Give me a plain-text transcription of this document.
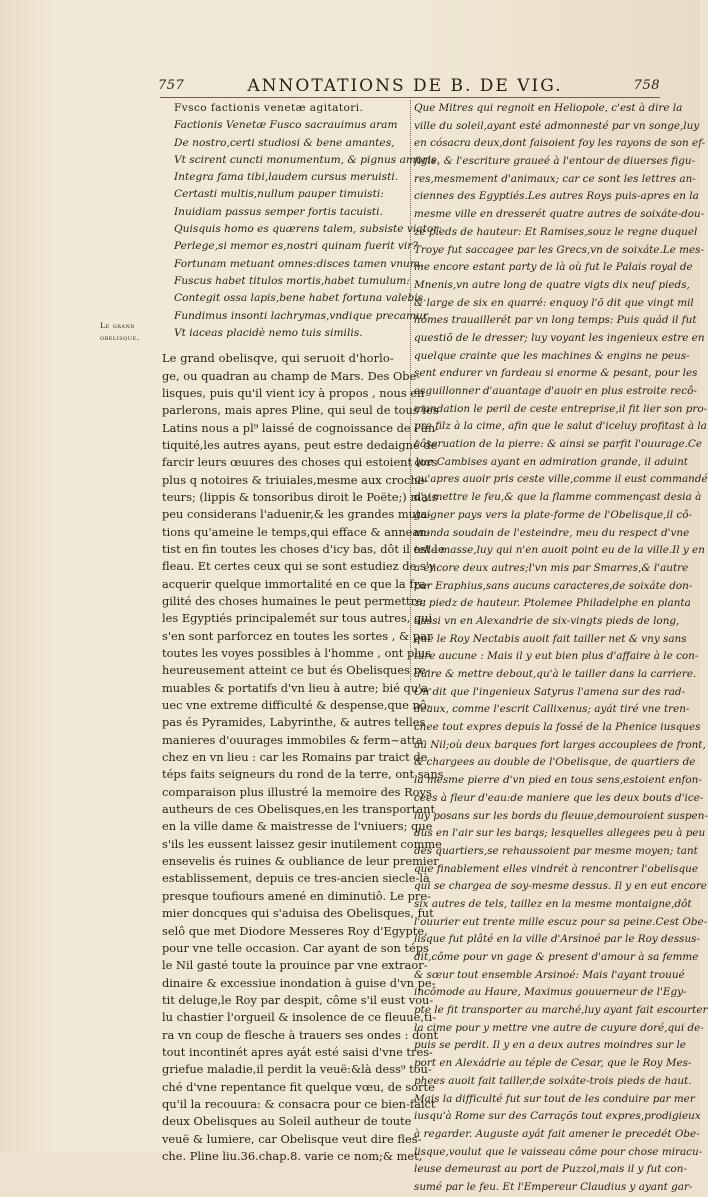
757	ANNOTATIONS DE B. DE VIG.	758
Le grand
obelisque.
Fvsco factionis venetæ agitatori.
Factionis Venetæ Fusco sacrauimus aram
De nostro,certi studiosi & bene amantes,
Vt scirent cuncti monumentum, & pignus amoris.
Integra fama tibi,laudem cursus meruisti.
Certasti multis,nullum pauper timuisti:
Inuidiam passus semper fortis tacuisti.
Quisquis homo es quærens talem, subsiste viator:
Perlege,si memor es,nostri quinam fuerit vir?
Fortunam metuant omnes:disces tamen vnum.
Fuscus habet titulos mortis,habet tumulum:
Contegit ossa lapis,bene habet fortuna valebis.
Fundimus insonti lachrymas,vndique precamur
Vt iaceas placidè nemo tuis similis.
Le grand obelisqve, qui seruoit d'horlo-
ge, ou quadran au champ de Mars. Des Obe-
lisques, puis qu'il vient icy à propos , nous en
parlerons, mais apres Pline, qui seul de tous les
Latins nous a pl⁹ laissé de cognoissance de l'an-
tiquité,les autres ayans, peut estre dedaigné de
farcir leurs œuures des choses qui estoient lors
plus q notoires & triuiales,mesme aux croche-
teurs; (lippis & tonsoribus diroit le Poëte;) mais
peu considerans l'aduenir,& les grandes muta-
tions qu'ameine le temps,qui efface & annean-
tist en fin toutes les choses d'icy bas, dôt il est le
fleau. Et certes ceux qui se sont estudiez de s'y
acquerir quelque immortalité en ce que la fra-
gilité des choses humaines le peut permettre;
les Egyptiés principalemét sur tous autres, qui
s'en sont parforcez en toutes les sortes , & par
toutes les voyes possibles à l'homme , ont plus
heureusement atteint ce but és Obelisques re-
muables & portatifs d'vn lieu à autre; bié qu'a-
uec vne extreme difficulté & despense,que nô-
pas és Pyramides, Labyrinthe, & autres telles
manieres d'ouurages immobiles & ferm~atta-
chez en vn lieu : car les Romains par traict de
téps faits seigneurs du rond de la terre, ont sans
comparaison plus illustré la memoire des Roys
autheurs de ces Obelisques,en les transportant
en la ville dame & maistresse de l'vniuers; que
s'ils les eussent laissez gesir inutilement comme
ensevelis és ruines & oubliance de leur premier
establissement, depuis ce tres-ancien siecle-là
presque toufiours amené en diminutiô. Le pre-
mier doncques qui s'aduisa des Obelisques, fut
selô que met Diodore Messeres Roy d'Egypte,
pour vne telle occasion. Car ayant de son téps
le Nil gasté toute la prouince par vne extraor-
dinaire & excessiue inondation à guise d'vn pe-
tit deluge,le Roy par despit, côme s'il eust vou-
lu chastier l'orgueil & insolence de ce fleuue,ti-
ra vn coup de flesche à trauers ses ondes : dont
tout incontinét apres ayát esté saisi d'vne tres-
griefue maladie,il perdit la veuë:&là dess⁹ tou-
ché d'vne repentance fit quelque vœu, de sorte
qu'il la recouura: & consacra pour ce bien-faict
deux Obelisques au Soleil autheur de toute
veuë & lumiere, car Obelisque veut dire fles-
che. Pline liu.36.chap.8. varie ce nom;& met,
Que Mitres qui regnoit en Heliopole, c'est à dire la
ville du soleil,ayant esté admonnesté par vn songe,luy
en cósacra deux,dont faisoient foy les rayons de son ef-
figie, & l'escriture graueé à l'entour de diuerses figu-
res,mesmement d'animaux; car ce sont les lettres an-
ciennes des Egyptiés.Les autres Roys puis-apres en la
mesme ville en dresserét quatre autres de soixáte-dou-
ze pieds de hauteur: Et Ramises,souz le regne duquel
Troye fut saccagee par les Grecs,vn de soixáte.Le mes-
me encore estant party de là où fut le Palais royal de
Mnenis,vn autre long de quatre vigts dix neuf pieds,
& large de six en quarré: enquoy l'õ dit que vingt mil
hômes trauaillerét par vn long temps: Puis quád il fut
questiõ de le dresser; luy voyant les ingenieux estre en
quelque crainte que les machines & engins ne peus-
sent endurer vn fardeau si enorme & pesant, pour les
esguillonner d'auantage d'auoir en plus estroite recô-
mandation le peril de ceste entreprise,il fit lier son pro-
pre filz à la cime, afin que le salut d'iceluy profitast à la
côseruation de la pierre: & ainsi se parfit l'ouurage.Ce
que Cambises ayant en admiration grande, il aduint
qu'apres auoir pris ceste ville,comme il eust commandé
d'y mettre le feu,& que la flamme commençast desia à
gaigner pays vers la plate-forme de l'Obelisque,il cô-
manda soudain de l'esteindre, meu du respect d'vne
telle masse,luy qui n'en auoit point eu de la ville.Il y en
a encore deux autres;l'vn mis par Smarres,& l'autre
par Eraphius,sans aucuns caracteres,de soixáte don-
ze piedz de hauteur. Ptolemee Philadelphe en planta
aussi vn en Alexandrie de six-vingts pieds de long,
que le Roy Nectabis auoit fait tailler net & vny sans
tare aucune : Mais il y eut bien plus d'affaire à le con-
duire & mettre debout,qu'à le tailler dans la carriere.
On dit que l'ingenieux Satyrus l'amena sur des rad-
deaux, comme l'escrit Callixenus; ayát tiré vne tren-
chee tout expres depuis la fossé de la Phenice iusques
au Nil;où deux barques fort larges accouplees de front,
& chargees au double de l'Obelisque, de quartiers de
la mesme pierre d'vn pied en tous sens,estoient enfon-
cees à fleur d'eau:de maniere que les deux bouts d'ice-
luy posans sur les bords du fleuue,demouroient suspen-
dus en l'air sur les barqs; lesquelles allegees peu à peu
des quartiers,se rehaussoient par mesme moyen; tant
que finablement elles vindrét à rencontrer l'obelisque
qui se chargea de soy-mesme dessus. Il y en eut encore
six autres de tels, taillez en la mesme montaigne,dôt
l'ouurier eut trente mille escuz pour sa peine.Cest Obe-
lisque fut plâté en la ville d'Arsinoé par le Roy dessus-
dit,côme pour vn gage & present d'amour à sa femme
& sœur tout ensemble Arsinoé: Mais l'ayant trouué
incômode au Haure, Maximus gouuerneur de l'Egy-
pte le fit transporter au marché,luy ayant fait escourter
la cime pour y mettre vne autre de cuyure doré,qui de-
puis se perdit. Il y en a deux autres moindres sur le
port en Alexádrie au téple de Cesar, que le Roy Mes-
phees auoit fait tailler,de soixáte-trois pieds de haut.
Mais la difficulté fut sur tout de les conduire par mer
iusqu'à Rome sur des Carraçõs tout expres,prodigieux
à regarder. Auguste ayát fait amener le precedét Obe-
lisque,voulut que le vaisseau côme pour chose miracu-
leuse demeurast au port de Puzzol,mais il y fut con-
sumé par le feu. Et l'Empereur Claudius y ayant gar-
